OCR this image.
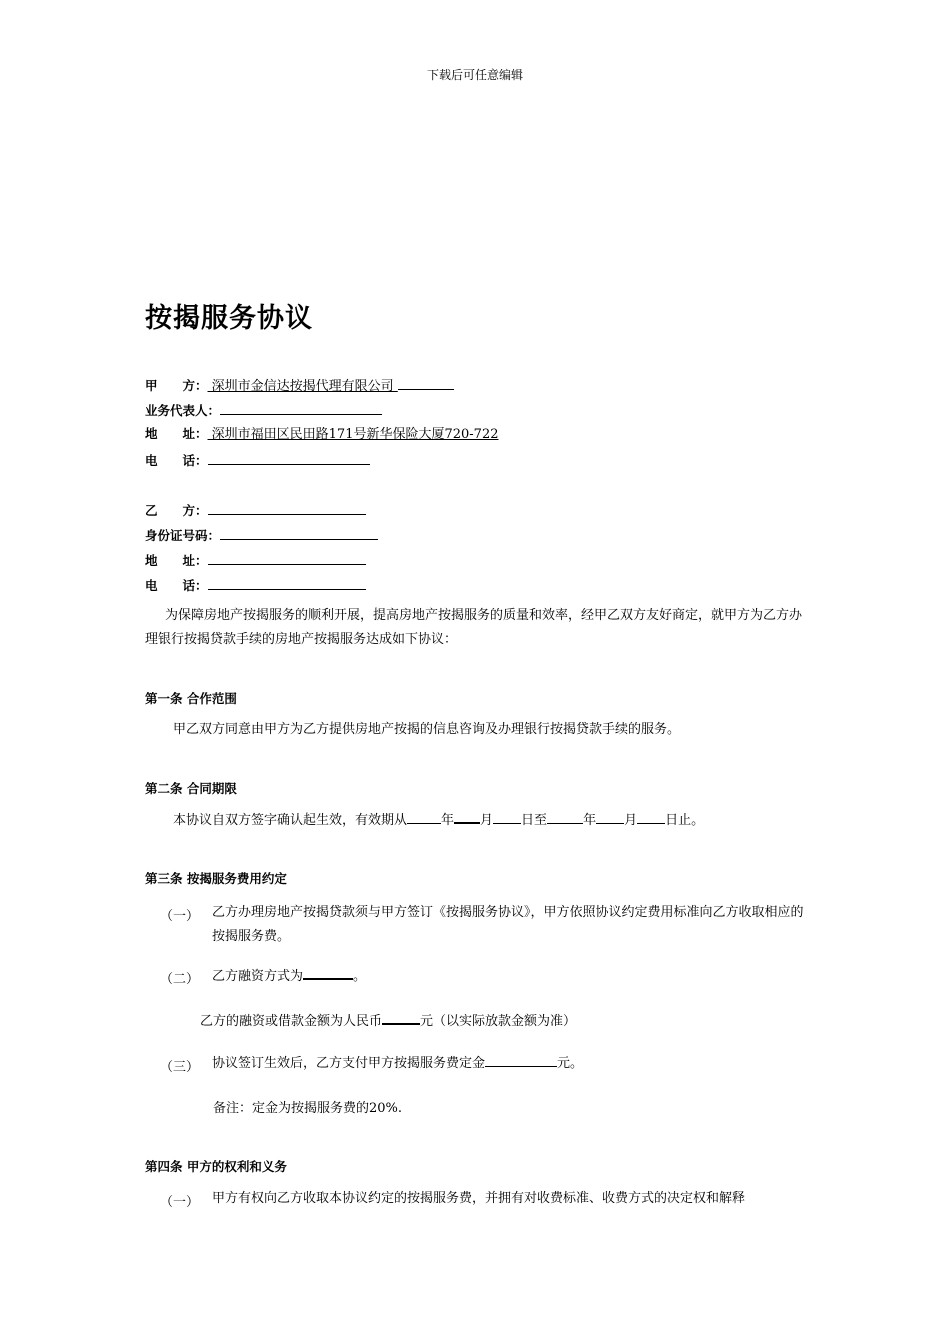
下载后可任意编辑
按揭服务协议
甲　　方： 深圳市金信达按揭代理有限公司
业务代表人：
地　　址： 深圳市福田区民田路171号新华保险大厦720-722
电　　话：
乙　　方：
身份证号码：
地　　址：
电　　话：
为保障房地产按揭服务的顺利开展，提高房地产按揭服务的质量和效率，经甲乙双方友好商定，就甲方为乙方办理银行按揭贷款手续的房地产按揭服务达成如下协议：
第一条 合作范围
甲乙双方同意由甲方为乙方提供房地产按揭的信息咨询及办理银行按揭贷款手续的服务。
第二条 合同期限
本协议自双方签字确认起生效，有效期从	年 月 日至	年 月 日止。
第三条 按揭服务费用约定
（一） 乙方办理房地产按揭贷款须与甲方签订《按揭服务协议》，甲方依照协议约定费用标准向乙方收取相应的按揭服务费。
（二） 乙方融资方式为	。
乙方的融资或借款金额为人民币	元（以实际放款金额为准）
（三） 协议签订生效后，乙方支付甲方按揭服务费定金	元。
备注：定金为按揭服务费的20%.
第四条 甲方的权利和义务
（一） 甲方有权向乙方收取本协议约定的按揭服务费，并拥有对收费标准、收费方式的决定权和解释
